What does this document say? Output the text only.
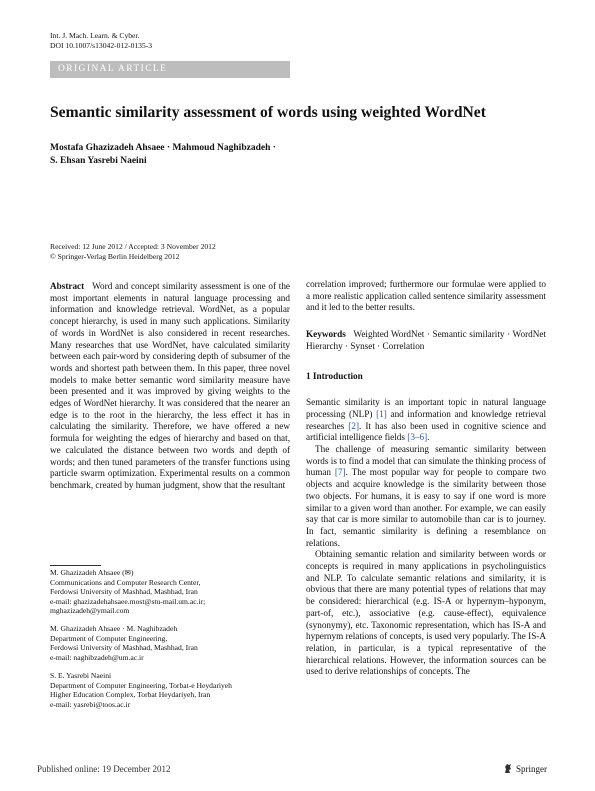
Int. J. Mach. Learn. & Cyber.
DOI 10.1007/s13042-012-0135-3
ORIGINAL ARTICLE
Semantic similarity assessment of words using weighted WordNet
Mostafa Ghazizadeh Ahsaee · Mahmoud Naghibzadeh ·
S. Ehsan Yasrebi Naeini
Received: 12 June 2012 / Accepted: 3 November 2012
© Springer-Verlag Berlin Heidelberg 2012

Abstract Word and concept similarity assessment is one of the most important elements in natural language processing and information and knowledge retrieval. WordNet, as a popular concept hierarchy, is used in many such applications. Similarity of words in WordNet is also considered in recent researches. Many researches that use WordNet, have calculated similarity between each pair-word by considering depth of subsumer of the words and shortest path between them. In this paper, three novel models to make better semantic word similarity measure have been presented and it was improved by giving weights to the edges of WordNet hierarchy. It was considered that the nearer an edge is to the root in the hierarchy, the less effect it has in calculating the similarity. Therefore, we have offered a new formula for weighting the edges of hierarchy and based on that, we calculated the distance between two words and depth of words; and then tuned parameters of the transfer functions using particle swarm optimization. Experimental results on a common benchmark, created by human judgment, show that the resultant

correlation improved; furthermore our formulae were applied to a more realistic application called sentence similarity assessment and it led to the better results.

Keywords Weighted WordNet · Semantic similarity · WordNet Hierarchy · Synset · Correlation

1 Introduction

Semantic similarity is an important topic in natural language processing (NLP) [1] and information and knowledge retrieval researches [2]. It has also been used in cognitive science and artificial intelligence fields [3–6].

The challenge of measuring semantic similarity between words is to find a model that can simulate the thinking process of human [7]. The most popular way for people to compare two objects and acquire knowledge is the similarity between those two objects. For humans, it is easy to say if one word is more similar to a given word than another. For example, we can easily say that car is more similar to automobile than car is to journey. In fact, semantic similarity is defining a resemblance on relations.

Obtaining semantic relation and similarity between words or concepts is required in many applications in psycholinguistics and NLP. To calculate semantic relations and similarity, it is obvious that there are many potential types of relations that may be considered: hierarchical (e.g. IS-A or hypernym–hyponym, part-of, etc.), associative (e.g. cause-effect), equivalence (synonymy), etc. Taxonomic representation, which has IS-A and hypernym relations of concepts, is used very popularly. The IS-A relation, in particular, is a typical representative of the hierarchical relations. However, the information sources can be used to derive relationships of concepts. The

M. Ghazizadeh Ahsaee (✉)
Communications and Computer Research Center,
Ferdowsi University of Mashhad, Mashhad, Iran
e-mail: ghazizadehahsaee.most@stu-mail.um.ac.ir;
mghazizadeh@ymail.com
M. Ghazizadeh Ahsaee · M. Naghibzadeh
Department of Computer Engineering,
Ferdowsi University of Mashhad, Mashhad, Iran
e-mail: naghibzadeh@um.ac.ir
S. E. Yasrebi Naeini
Department of Computer Engineering, Torbat-e Heydariyeh
Higher Education Complex, Torbat Heydariyeh, Iran
e-mail: yasrebi@toos.ac.ir
Published online: 19 December 2012	Springer
